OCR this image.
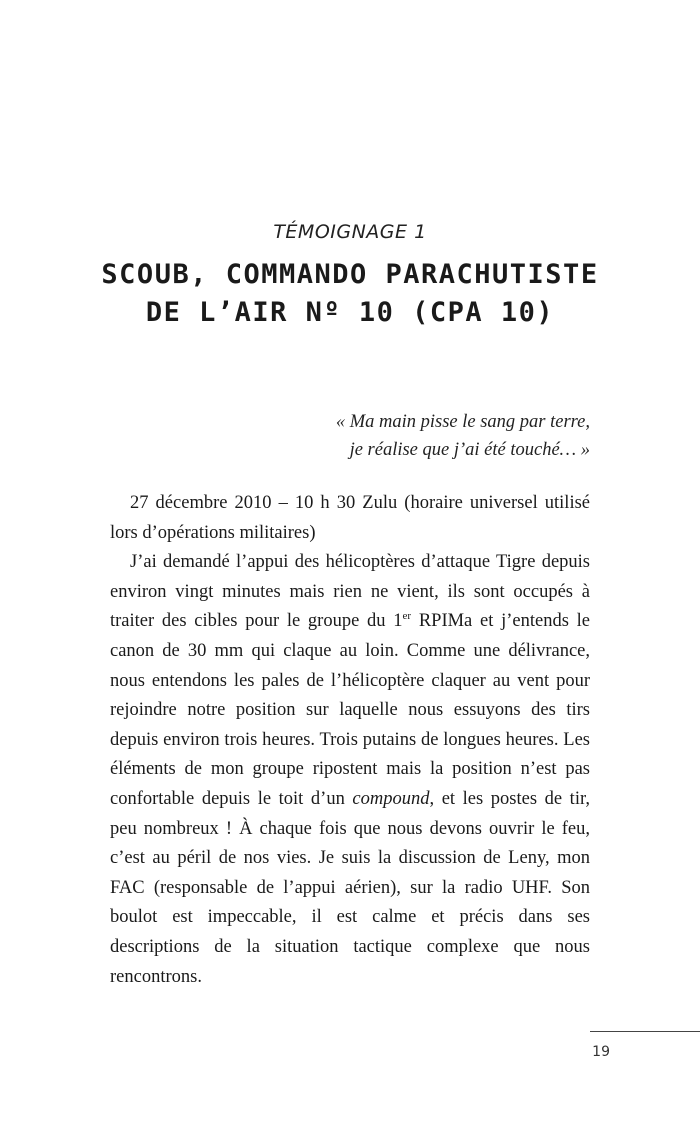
TÉMOIGNAGE 1
SCOUB, COMMANDO PARACHUTISTE
DE L’AIR Nº 10 (CPA 10)
« Ma main pisse le sang par terre,
je réalise que j’ai été touché… »

27 décembre 2010 – 10 h 30 Zulu (horaire universel utilisé lors d’opérations militaires)

J’ai demandé l’appui des hélicoptères d’attaque Tigre depuis environ vingt minutes mais rien ne vient, ils sont occupés à traiter des cibles pour le groupe du 1er RPIMa et j’entends le canon de 30 mm qui claque au loin. Comme une délivrance, nous entendons les pales de l’hélicoptère claquer au vent pour rejoindre notre position sur laquelle nous essuyons des tirs depuis environ trois heures. Trois putains de longues heures. Les éléments de mon groupe ripostent mais la position n’est pas confortable depuis le toit d’un compound, et les postes de tir, peu nombreux ! À chaque fois que nous devons ouvrir le feu, c’est au péril de nos vies. Je suis la discussion de Leny, mon FAC (responsable de l’appui aérien), sur la radio UHF. Son boulot est impeccable, il est calme et précis dans ses descriptions de la situation tactique complexe que nous rencontrons.

19
